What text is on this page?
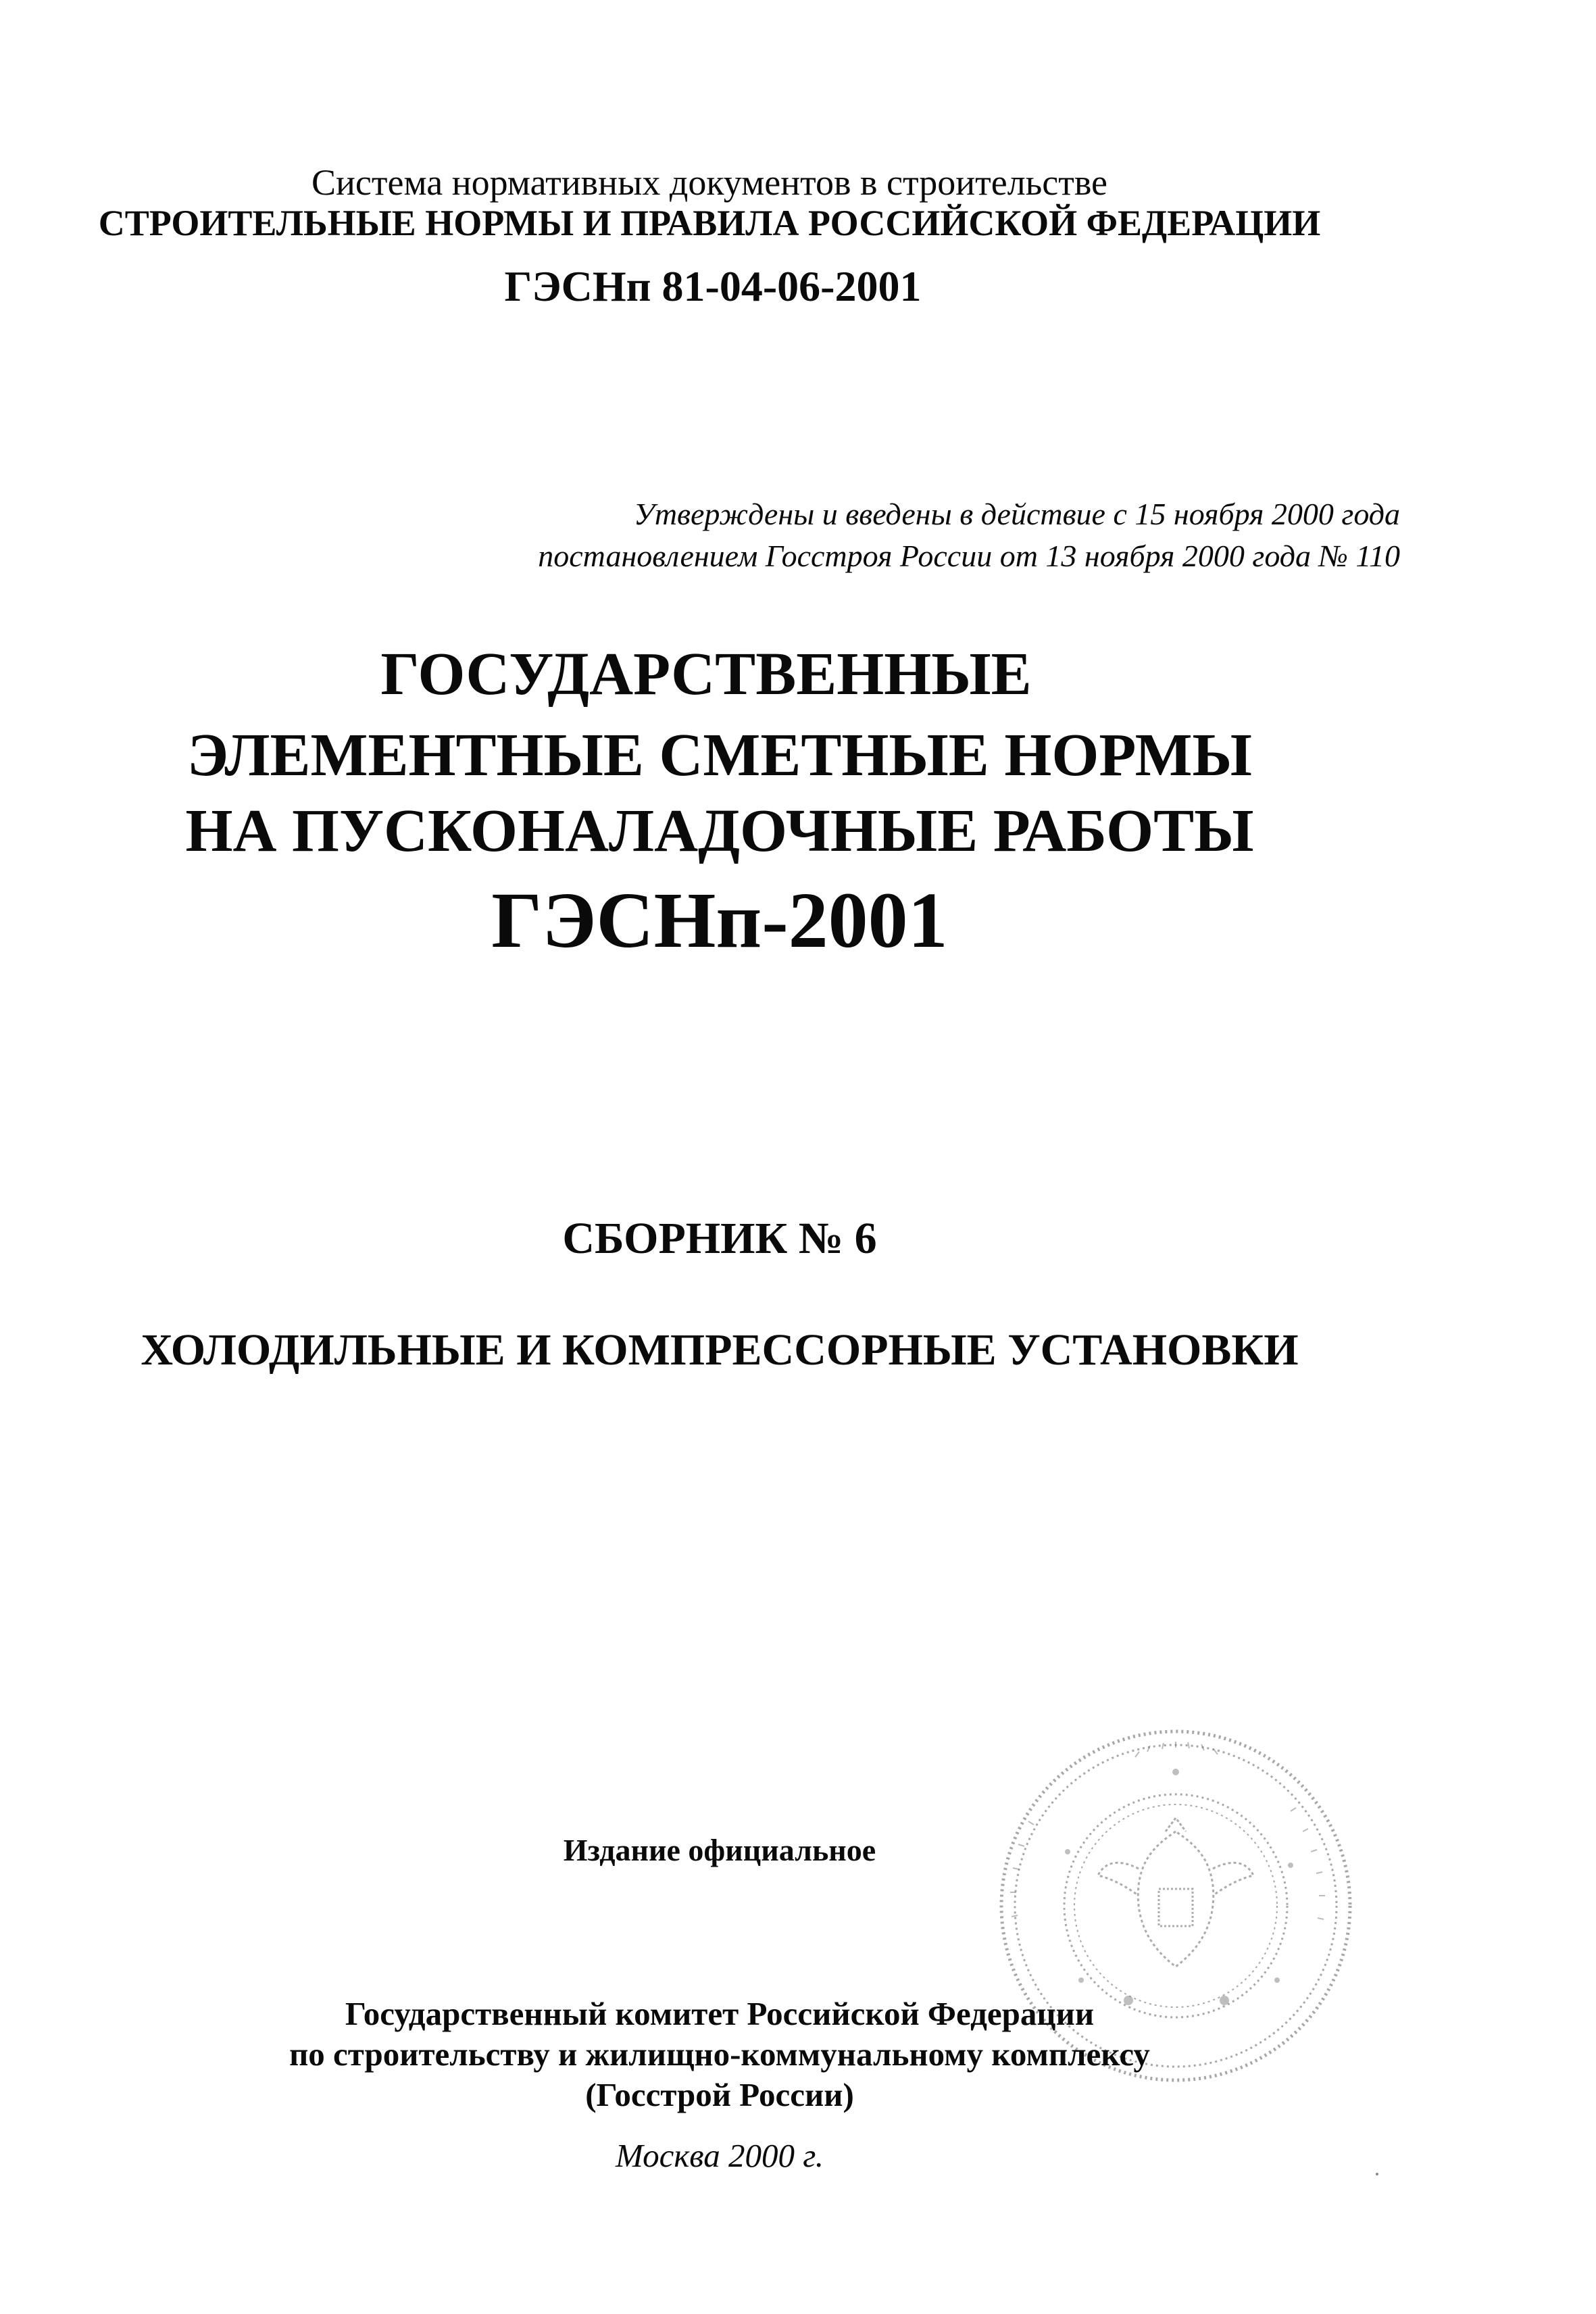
Система нормативных документов в строительстве
СТРОИТЕЛЬНЫЕ НОРМЫ И ПРАВИЛА РОССИЙСКОЙ ФЕДЕРАЦИИ
ГЭСНп 81-04-06-2001
Утверждены и введены в действие с 15 ноября 2000 года
постановлением Госстроя России от 13 ноября 2000 года № 110
ГОСУДАРСТВЕННЫЕ
ЭЛЕМЕНТНЫЕ СМЕТНЫЕ НОРМЫ
НА ПУСКОНАЛАДОЧНЫЕ РАБОТЫ
ГЭСНп-2001
СБОРНИК № 6
ХОЛОДИЛЬНЫЕ И КОМПРЕССОРНЫЕ УСТАНОВКИ
Издание официальное
Государственный комитет Российской Федерации
по строительству и жилищно-коммунальному комплексу
(Госстрой России)
Москва 2000 г.
